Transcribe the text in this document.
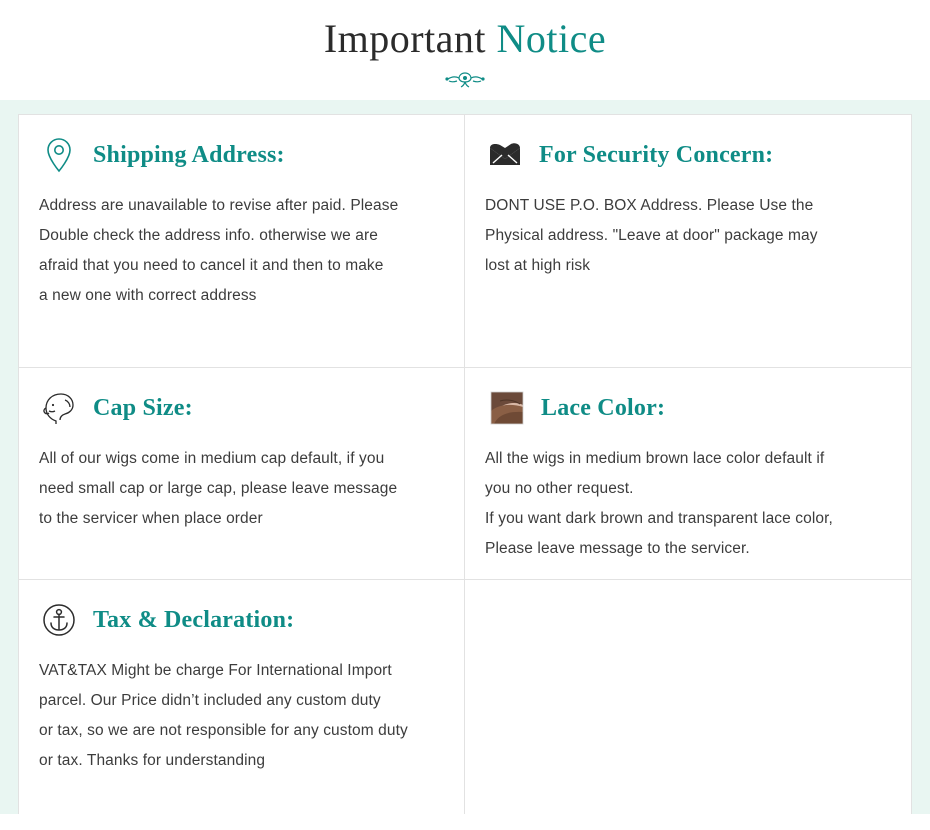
Important Notice
Shipping Address:

Address are unavailable to revise after paid. Please

Double check the address info. otherwise we are

afraid that you need to cancel it and then to make

a new one with correct address

For Security Concern:

DONT USE P.O. BOX Address. Please Use the

Physical address. "Leave at door" package may

lost at high risk

Cap Size:

All of our wigs come in medium cap default, if you

need small cap or large cap, please leave message

to the servicer when place order

Lace Color:

All the wigs in medium brown lace color default if

you no other request.

If you want dark brown and transparent lace color,

Please leave message to the servicer.

Tax & Declaration:

VAT&TAX Might be charge For International Import

parcel. Our Price didn’t included any custom duty

or tax, so we are not responsible for any custom duty

or tax. Thanks for understanding
